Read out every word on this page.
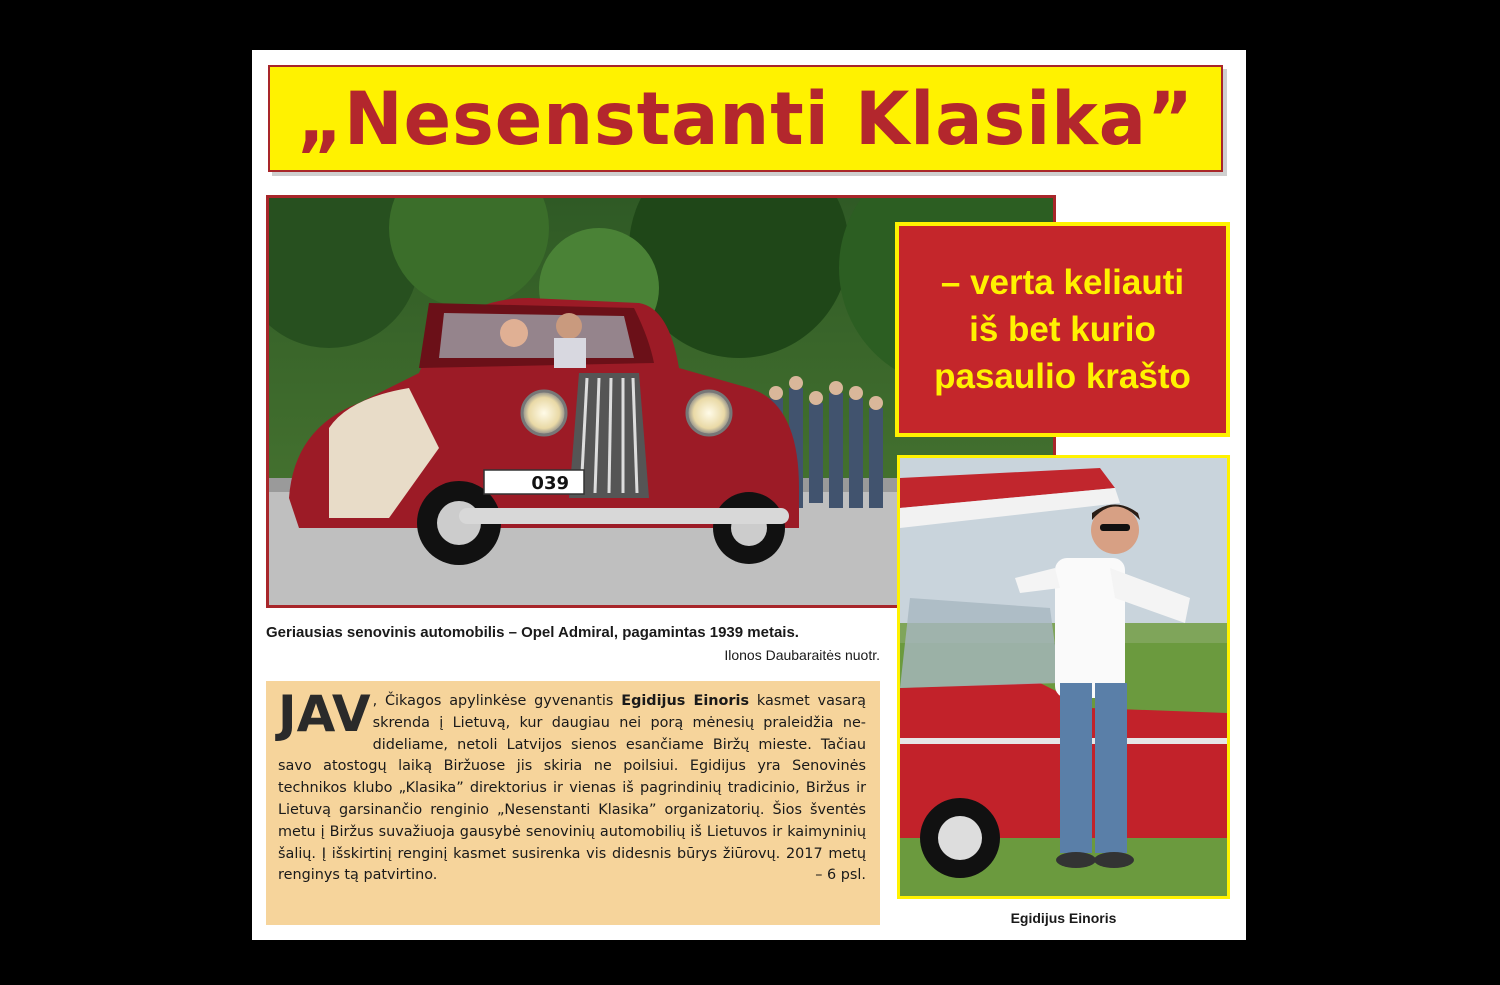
„Nesenstanti Klasika”
039
Geriausias senovinis automobilis – Opel Admiral, pagamintas 1939 metais.
Ilonos Daubaraitės nuotr.

– verta keliauti
iš bet kurio
pasaulio krašto

Egidijus Einoris
JAV , Čikagos apylinkėse gyvenantis Egidijus Einoris kasmet vasarą skrenda į Lietuvą, kur daugiau nei porą mėnesių praleidžia nedideliame, netoli Latvijos sienos esančiame Biržų mieste. Tačiau savo atostogų laiką Biržuose jis skiria ne poilsiui. Egidijus yra Senovinės technikos klubo „Klasika” direktorius ir vienas iš pagrindinių tradicinio, Biržus ir Lietuvą garsinančio renginio „Nesenstanti Klasika” organizatorių. Šios šventės metu į Biržus suvažiuoja gausybė senovinių automobilių iš Lietuvos ir kaimyninių šalių. Į išskirtinį renginį kasmet susirenka vis didesnis būrys žiūrovų. 2017 metų renginys tą patvirtino.	– 6 psl.
